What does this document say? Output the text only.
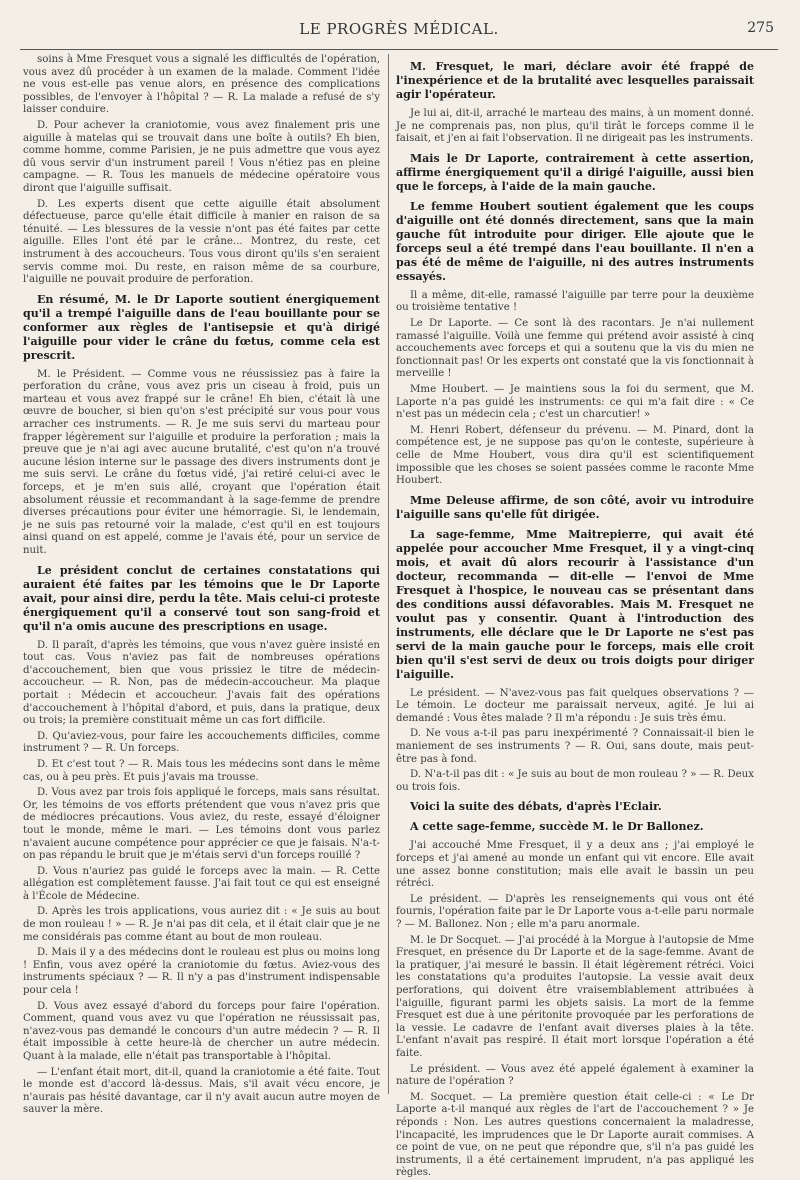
LE PROGRÈS MÉDICAL.	275

soins à Mme Fresquet vous a signalé les difficultés de l'opération, vous avez dû procéder à un examen de la malade. Comment l'idée ne vous est-elle pas venue alors, en présence des complications possibles, de l'envoyer à l'hôpital ? — R. La malade a refusé de s'y laisser conduire.

D. Pour achever la craniotomie, vous avez finalement pris une aiguille à matelas qui se trouvait dans une boîte à outils? Eh bien, comme homme, comme Parisien, je ne puis admettre que vous ayez dû vous servir d'un instrument pareil ! Vous n'étiez pas en pleine campagne. — R. Tous les manuels de médecine opératoire vous diront que l'aiguille suffisait.

D. Les experts disent que cette aiguille était absolument défectueuse, parce qu'elle était difficile à manier en raison de sa ténuité. — Les blessures de la vessie n'ont pas été faites par cette aiguille. Elles l'ont été par le crâne... Montrez, du reste, cet instrument à des accoucheurs. Tous vous diront qu'ils s'en seraient servis comme moi. Du reste, en raison même de sa courbure, l'aiguille ne pouvait produire de perforation.

En résumé, M. le Dr Laporte soutient énergiquement qu'il a trempé l'aiguille dans de l'eau bouillante pour se conformer aux règles de l'antisepsie et qu'à dirigé l'aiguille pour vider le crâne du fœtus, comme cela est prescrit.

M. le Président. — Comme vous ne réussissiez pas à faire la perforation du crâne, vous avez pris un ciseau à froid, puis un marteau et vous avez frappé sur le crâne! Eh bien, c'était là une œuvre de boucher, si bien qu'on s'est précipité sur vous pour vous arracher ces instruments. — R. Je me suis servi du marteau pour frapper légèrement sur l'aiguille et produire la perforation ; mais la preuve que je n'ai agi avec aucune brutalité, c'est qu'on n'a trouvé aucune lésion interne sur le passage des divers instruments dont je me suis servi. Le crâne du fœtus vidé, j'ai retiré celui-ci avec le forceps, et je m'en suis allé, croyant que l'opération était absolument réussie et recommandant à la sage-femme de prendre diverses précautions pour éviter une hémorragie. Si, le lendemain, je ne suis pas retourné voir la malade, c'est qu'il en est toujours ainsi quand on est appelé, comme je l'avais été, pour un service de nuit.

Le président conclut de certaines constatations qui auraient été faites par les témoins que le Dr Laporte avait, pour ainsi dire, perdu la tête. Mais celui-ci proteste énergiquement qu'il a conservé tout son sang-froid et qu'il n'a omis aucune des prescriptions en usage.

D. Il paraît, d'après les témoins, que vous n'avez guère insisté en tout cas. Vous n'aviez pas fait de nombreuses opérations d'accouchement, bien que vous prissiez le titre de médecin-accoucheur. — R. Non, pas de médecin-accoucheur. Ma plaque portait : Médecin et accoucheur. J'avais fait des opérations d'accouchement à l'hôpital d'abord, et puis, dans la pratique, deux ou trois; la première constituait même un cas fort difficile.

D. Qu'aviez-vous, pour faire les accouchements difficiles, comme instrument ? — R. Un forceps.

D. Et c'est tout ? — R. Mais tous les médecins sont dans le même cas, ou à peu près. Et puis j'avais ma trousse.

D. Vous avez par trois fois appliqué le forceps, mais sans résultat. Or, les témoins de vos efforts prétendent que vous n'avez pris que de médiocres précautions. Vous aviez, du reste, essayé d'éloigner tout le monde, même le mari. — Les témoins dont vous parlez n'avaient aucune compétence pour apprécier ce que je faisais. N'a-t-on pas répandu le bruit que je m'étais servi d'un forceps rouillé ?

D. Vous n'auriez pas guidé le forceps avec la main. — R. Cette allégation est complètement fausse. J'ai fait tout ce qui est enseigné à l'École de Médecine.

D. Après les trois applications, vous auriez dit : « Je suis au bout de mon rouleau ! » — R. Je n'ai pas dit cela, et il était clair que je ne me considérais pas comme étant au bout de mon rouleau.

D. Mais il y a des médecins dont le rouleau est plus ou moins long ! Enfin, vous avez opéré la craniotomie du fœtus. Aviez-vous des instruments spéciaux ? — R. Il n'y a pas d'instrument indispensable pour cela !

D. Vous avez essayé d'abord du forceps pour faire l'opération. Comment, quand vous avez vu que l'opération ne réussissait pas, n'avez-vous pas demandé le concours d'un autre médecin ? — R. Il était impossible à cette heure-là de chercher un autre médecin. Quant à la malade, elle n'était pas transportable à l'hôpital.

— L'enfant était mort, dit-il, quand la craniotomie a été faite. Tout le monde est d'accord là-dessus. Mais, s'il avait vécu encore, je n'aurais pas hésité davantage, car il n'y avait aucun autre moyen de sauver la mère.

M. Fresquet, le mari, déclare avoir été frappé de l'inexpérience et de la brutalité avec lesquelles paraissait agir l'opérateur.

Je lui ai, dit-il, arraché le marteau des mains, à un moment donné. Je ne comprenais pas, non plus, qu'il tirât le forceps comme il le faisait, et j'en ai fait l'observation. Il ne dirigeait pas les instruments.

Mais le Dr Laporte, contrairement à cette assertion, affirme énergiquement qu'il a dirigé l'aiguille, aussi bien que le forceps, à l'aide de la main gauche.

Le femme Houbert soutient également que les coups d'aiguille ont été donnés directement, sans que la main gauche fût introduite pour diriger. Elle ajoute que le forceps seul a été trempé dans l'eau bouillante. Il n'en a pas été de même de l'aiguille, ni des autres instruments essayés.

Il a même, dit-elle, ramassé l'aiguille par terre pour la deuxième ou troisième tentative !

Le Dr Laporte. — Ce sont là des racontars. Je n'ai nullement ramassé l'aiguille. Voilà une femme qui prétend avoir assisté à cinq accouchements avec forceps et qui a soutenu que la vis du mien ne fonctionnait pas! Or les experts ont constaté que la vis fonctionnait à merveille !

Mme Houbert. — Je maintiens sous la foi du serment, que M. Laporte n'a pas guidé les instruments: ce qui m'a fait dire : « Ce n'est pas un médecin cela ; c'est un charcutier! »

M. Henri Robert, défenseur du prévenu. — M. Pinard, dont la compétence est, je ne suppose pas qu'on le conteste, supérieure à celle de Mme Houbert, vous dira qu'il est scientifiquement impossible que les choses se soient passées comme le raconte Mme Houbert.

Mme Deleuse affirme, de son côté, avoir vu introduire l'aiguille sans qu'elle fût dirigée.

La sage-femme, Mme Maitrepierre, qui avait été appelée pour accoucher Mme Fresquet, il y a vingt-cinq mois, et avait dû alors recourir à l'assistance d'un docteur, recommanda — dit-elle — l'envoi de Mme Fresquet à l'hospice, le nouveau cas se présentant dans des conditions aussi défavorables. Mais M. Fresquet ne voulut pas y consentir. Quant à l'introduction des instruments, elle déclare que le Dr Laporte ne s'est pas servi de la main gauche pour le forceps, mais elle croit bien qu'il s'est servi de deux ou trois doigts pour diriger l'aiguille.

Le président. — N'avez-vous pas fait quelques observations ? — Le témoin. Le docteur me paraissait nerveux, agité. Je lui ai demandé : Vous êtes malade ? Il m'a répondu : Je suis très ému.

D. Ne vous a-t-il pas paru inexpérimenté ? Connaissait-il bien le maniement de ses instruments ? — R. Oui, sans doute, mais peut-être pas à fond.

D. N'a-t-il pas dit : « Je suis au bout de mon rouleau ? » — R. Deux ou trois fois.

Voici la suite des débats, d'après l'Eclair.

A cette sage-femme, succède M. le Dr Ballonez.

J'ai accouché Mme Fresquet, il y a deux ans ; j'ai employé le forceps et j'ai amené au monde un enfant qui vit encore. Elle avait une assez bonne constitution; mais elle avait le bassin un peu rétréci.

Le président. — D'après les renseignements qui vous ont été fournis, l'opération faite par le Dr Laporte vous a-t-elle paru normale ? — M. Ballonez. Non ; elle m'a paru anormale.

M. le Dr Socquet. — J'ai procédé à la Morgue à l'autopsie de Mme Fresquet, en présence du Dr Laporte et de la sage-femme. Avant de la pratiquer, j'ai mesuré le bassin. Il était légèrement rétréci. Voici les constatations qu'a produites l'autopsie. La vessie avait deux perforations, qui doivent être vraisemblablement attribuées à l'aiguille, figurant parmi les objets saisis. La mort de la femme Fresquet est due à une péritonite provoquée par les perforations de la vessie. Le cadavre de l'enfant avait diverses plaies à la tête. L'enfant n'avait pas respiré. Il était mort lorsque l'opération a été faite.

Le président. — Vous avez été appelé également à examiner la nature de l'opération ?

M. Socquet. — La première question était celle-ci : « Le Dr Laporte a-t-il manqué aux règles de l'art de l'accouchement ? » Je réponds : Non. Les autres questions concernaient la maladresse, l'incapacité, les imprudences que le Dr Laporte aurait commises. A ce point de vue, on ne peut que répondre que, s'il n'a pas guidé les instruments, il a été certainement imprudent, n'a pas appliqué les règles.
